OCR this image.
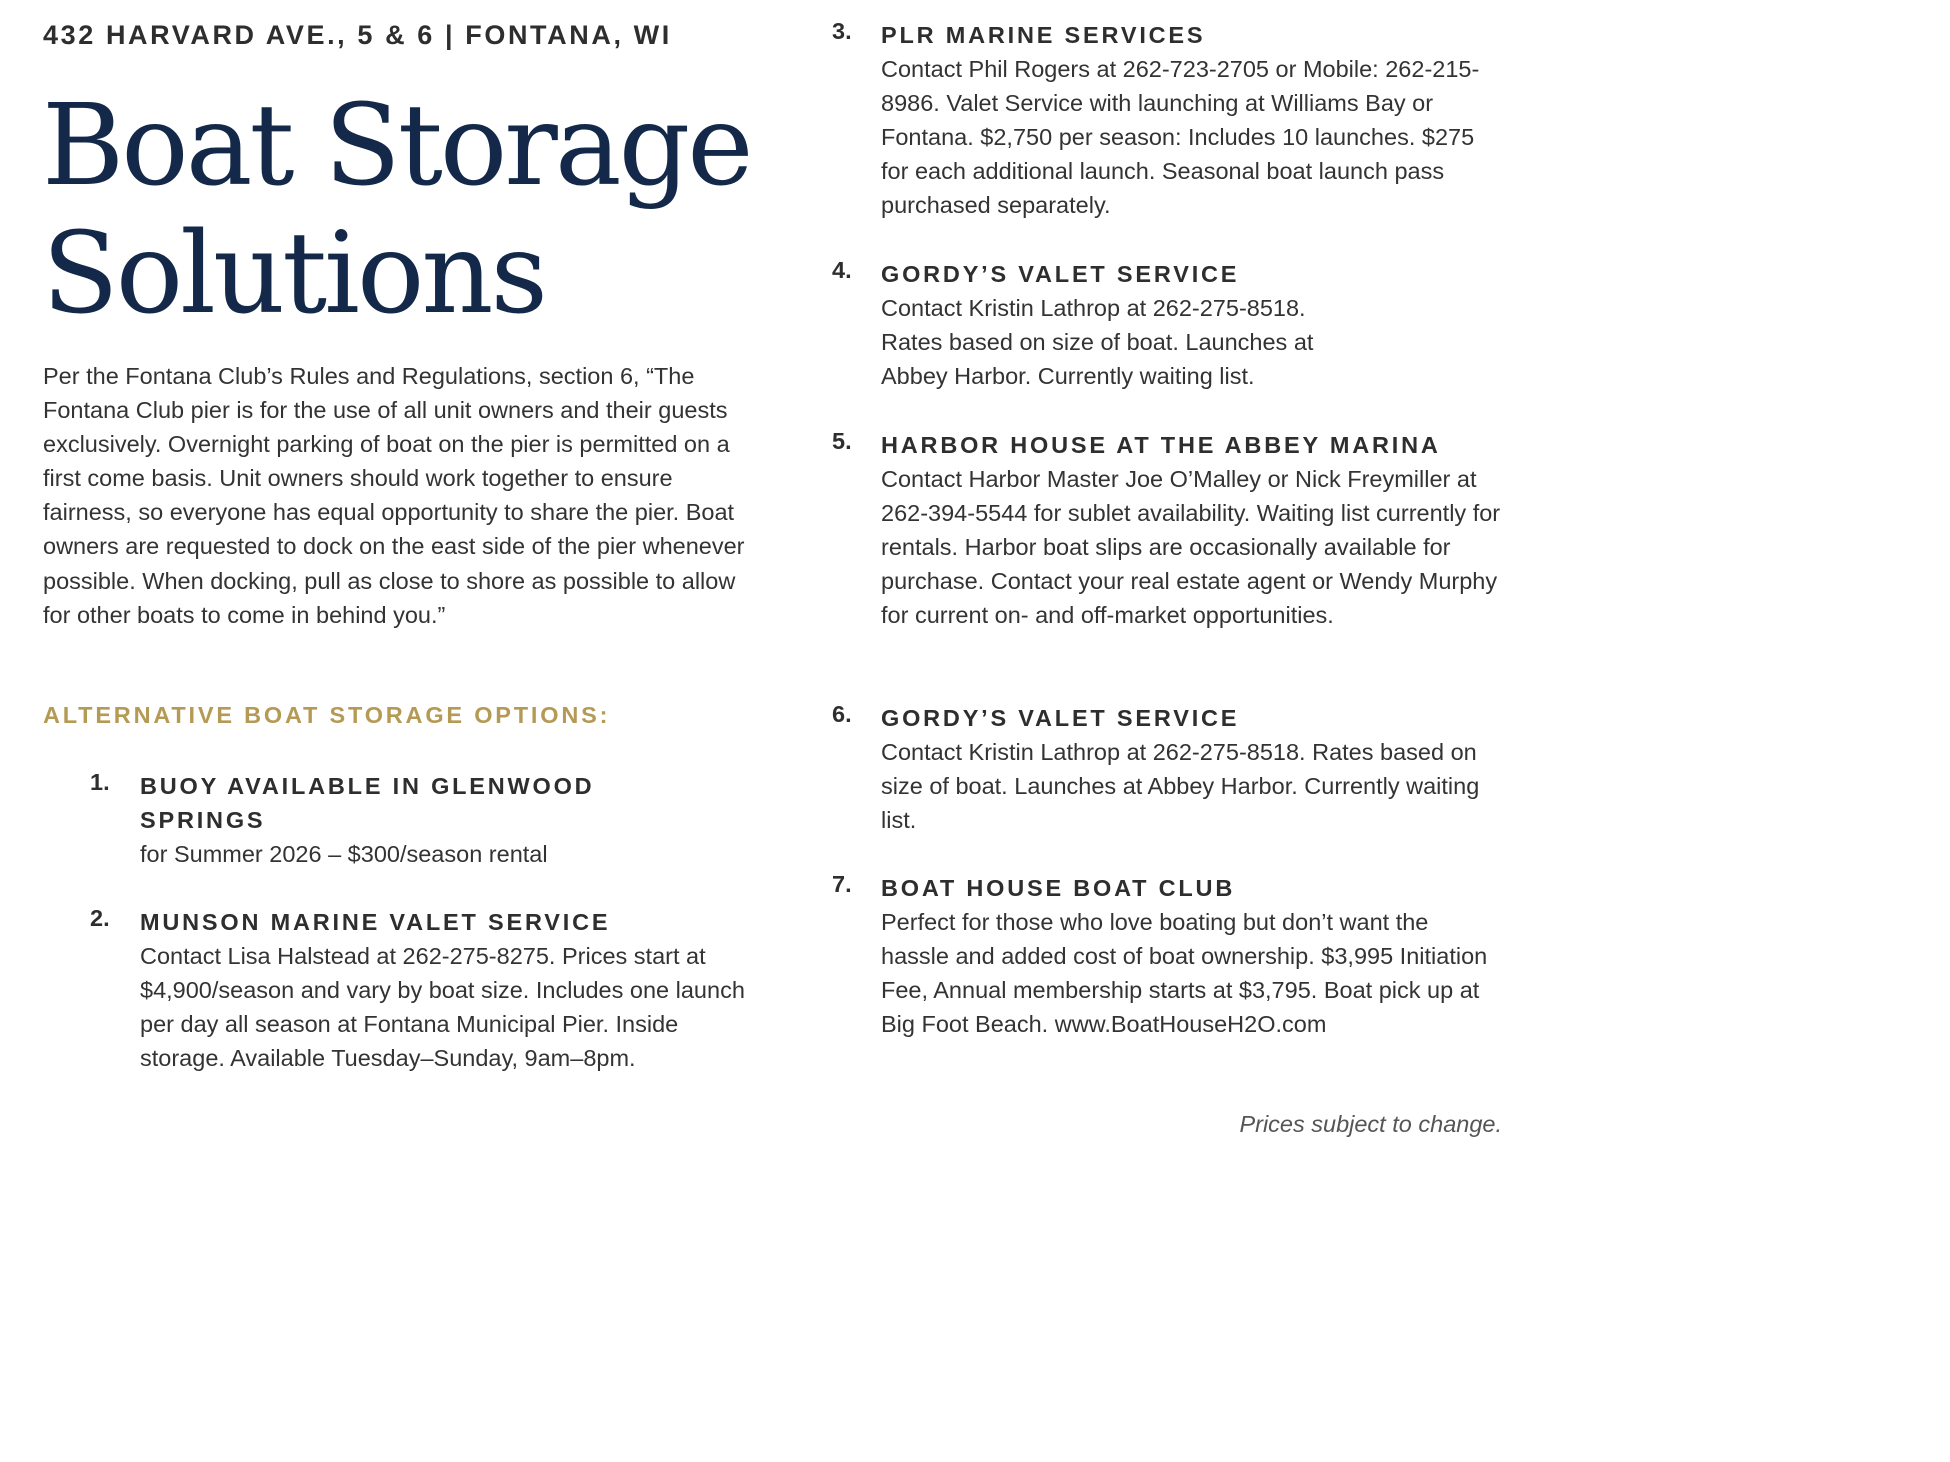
432 HARVARD AVE., 5 & 6 | FONTANA, WI
Boat Storage
Solutions

Per the Fontana Club’s Rules and Regulations, section 6, “The Fontana Club pier is for the use of all unit owners and their guests exclusively. Overnight parking of boat on the pier is permitted on a first come basis. Unit owners should work together to ensure fairness, so everyone has equal opportunity to share the pier. Boat owners are requested to dock on the east side of the pier whenever possible. When docking, pull as close to shore as possible to allow for other boats to come in behind you.”

ALTERNATIVE BOAT STORAGE OPTIONS:
1. BUOY AVAILABLE IN GLENWOOD SPRINGS

for Summer 2026 – $300/season rental

2. MUNSON MARINE VALET SERVICE

Contact Lisa Halstead at 262-275-8275. Prices start at $4,900/season and vary by boat size. Includes one launch per day all season at Fontana Municipal Pier. Inside storage. Available Tuesday–Sunday, 9am–8pm.

3. PLR MARINE SERVICES

Contact Phil Rogers at 262-723-2705 or Mobile: 262-215-8986. Valet Service with launching at Williams Bay or Fontana. $2,750 per season: Includes 10 launches. $275 for each additional launch. Seasonal boat launch pass purchased separately.

4. GORDY’S VALET SERVICE

Contact Kristin Lathrop at 262-275-8518. Rates based on size of boat. Launches at Abbey Harbor. Currently waiting list.

5. HARBOR HOUSE AT THE ABBEY MARINA

Contact Harbor Master Joe O’Malley or Nick Freymiller at 262-394-5544 for sublet availability. Waiting list currently for rentals. Harbor boat slips are occasionally available for purchase. Contact your real estate agent or Wendy Murphy for current on- and off-market opportunities.

6. GORDY’S VALET SERVICE

Contact Kristin Lathrop at 262-275-8518. Rates based on size of boat. Launches at Abbey Harbor. Currently waiting list.

7. BOAT HOUSE BOAT CLUB

Perfect for those who love boating but don’t want the hassle and added cost of boat ownership. $3,995 Initiation Fee, Annual membership starts at $3,795. Boat pick up at Big Foot Beach. www.BoatHouseH2O.com

Prices subject to change.
